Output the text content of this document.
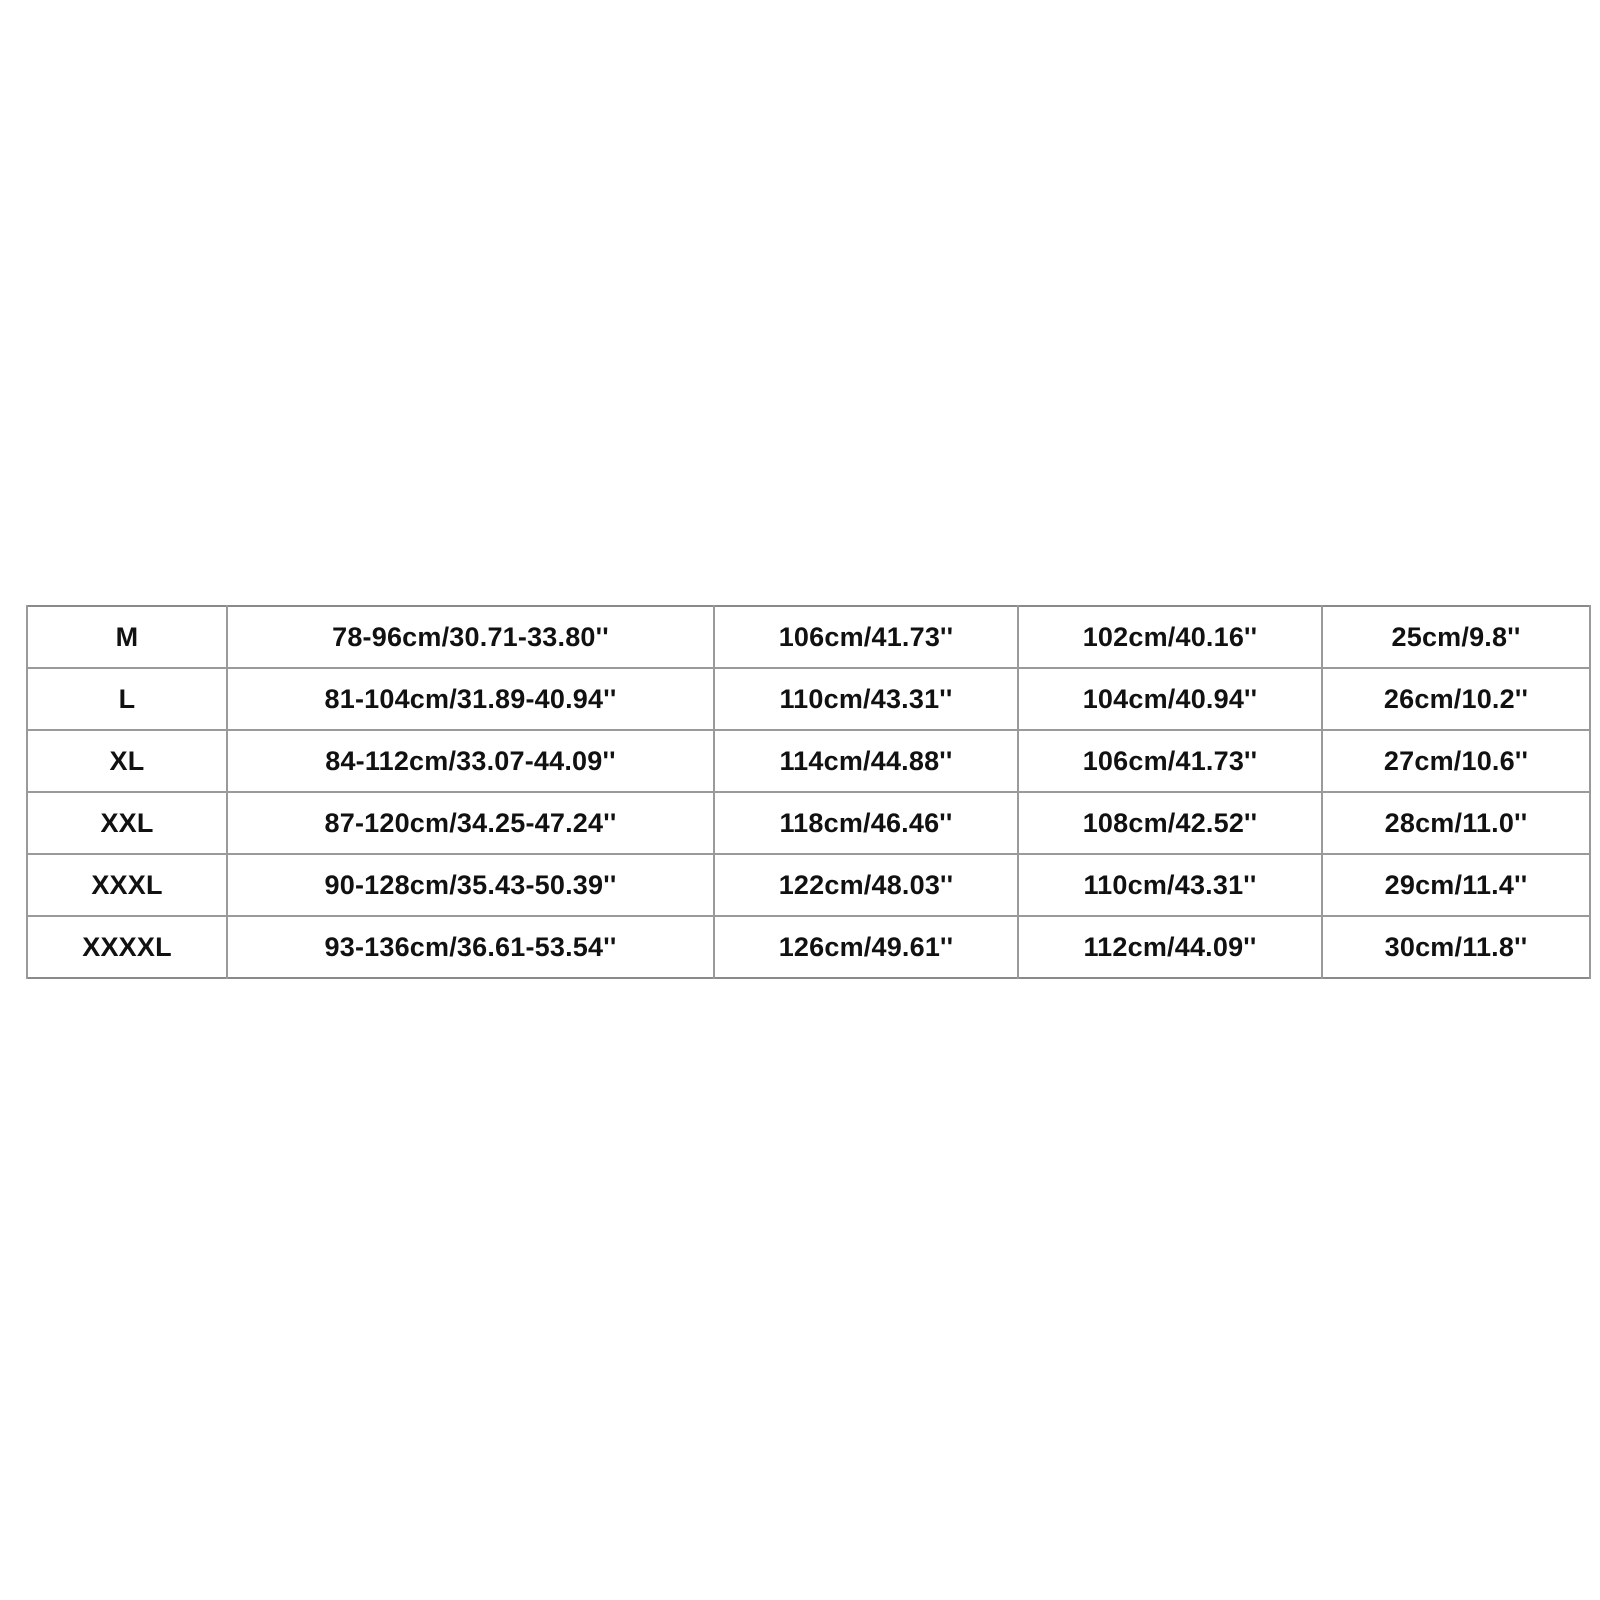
M	78-96cm/30.71-33.80''	106cm/41.73''	102cm/40.16''	25cm/9.8''
L	81-104cm/31.89-40.94''	110cm/43.31''	104cm/40.94''	26cm/10.2''
XL	84-112cm/33.07-44.09''	114cm/44.88''	106cm/41.73''	27cm/10.6''
XXL	87-120cm/34.25-47.24''	118cm/46.46''	108cm/42.52''	28cm/11.0''
XXXL	90-128cm/35.43-50.39''	122cm/48.03''	110cm/43.31''	29cm/11.4''
XXXXL	93-136cm/36.61-53.54''	126cm/49.61''	112cm/44.09''	30cm/11.8''
